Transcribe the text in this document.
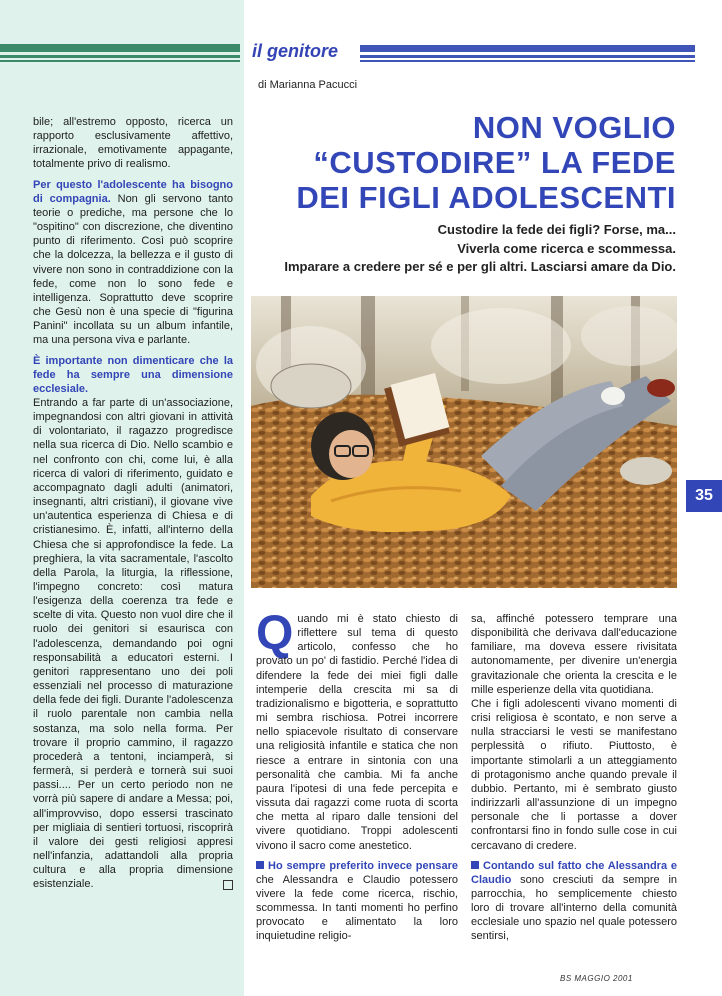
il genitore
di Marianna Pacucci
NON VOGLIO
“CUSTODIRE” LA FEDE
DEI FIGLI ADOLESCENTI
Custodire la fede dei figli? Forse, ma...
Viverla come ricerca e scommessa.
Imparare a credere per sé e per gli altri. Lasciarsi amare da Dio.
35

bile; all'estremo opposto, ricerca un rapporto esclusivamente affettivo, irrazionale, emotivamente appagante, totalmente privo di realismo.

Per questo l'adolescente ha bisogno di compagnia. Non gli servono tanto teorie o prediche, ma persone che lo "ospitino" con discrezione, che diventino punto di riferimento. Così può scoprire che la dolcezza, la bellezza e il gusto di vivere non sono in contraddizione con la fede, come non lo sono fede e intelligenza. Soprattutto deve scoprire che Gesù non è una specie di "figurina Panini" incollata su un album infantile, ma una persona viva e parlante.

È importante non dimenticare che la fede ha sempre una dimensione ecclesiale.

Entrando a far parte di un'associazione, impegnandosi con altri giovani in attività di volontariato, il ragazzo progredisce nella sua ricerca di Dio. Nello scambio e nel confronto con chi, come lui, è alla ricerca di valori di riferimento, guidato e accompagnato dagli adulti (animatori, insegnanti, altri cristiani), il giovane vive un'autentica esperienza di Chiesa e di cristianesimo. È, infatti, all'interno della Chiesa che si approfondisce la fede. La preghiera, la vita sacramentale, l'ascolto della Parola, la liturgia, la riflessione, l'impegno concreto: così matura l'esigenza della coerenza tra fede e scelte di vita. Questo non vuol dire che il ruolo dei genitori si esaurisca con l'adolescenza, demandando poi ogni responsabilità a educatori esterni. I genitori rappresentano uno dei poli essenziali nel processo di maturazione della fede dei figli. Durante l'adolescenza il ruolo parentale non cambia nella sostanza, ma solo nella forma. Per trovare il proprio cammino, il ragazzo procederà a tentoni, inciamperà, si fermerà, si perderà e tornerà sui suoi passi.... Per un certo periodo non ne vorrà più sapere di andare a Messa; poi, all'improvviso, dopo essersi trascinato per migliaia di sentieri tortuosi, riscoprirà il valore dei gesti religiosi appresi nell'infanzia, adattandoli alla propria cultura e alla propria dimensione esistenziale.

Quando mi è stato chiesto di riflettere sul tema di questo articolo, confesso che ho provato un po' di fastidio. Perché l'idea di difendere la fede dei miei figli dalle intemperie della crescita mi sa di tradizionalismo e bigotteria, e soprattutto mi sembra rischiosa. Potrei incorrere nello spiacevole risultato di conservare una religiosità infantile e statica che non riesce a entrare in sintonia con una personalità che cambia. Mi fa anche paura l'ipotesi di una fede percepita e vissuta dai ragazzi come ruota di scorta che metta al riparo dalle tensioni del vivere quotidiano. Troppi adolescenti vivono il sacro come anestetico.

Ho sempre preferito invece pensare che Alessandra e Claudio potessero vivere la fede come ricerca, rischio, scommessa. In tanti momenti ho perfino provocato e alimentato la loro inquietudine religio-

sa, affinché potessero temprare una disponibilità che derivava dall'educazione familiare, ma doveva essere rivisitata autonomamente, per divenire un'energia gravitazionale che orienta la crescita e le mille esperienze della vita quotidiana.

Che i figli adolescenti vivano momenti di crisi religiosa è scontato, e non serve a nulla stracciarsi le vesti se manifestano perplessità o rifiuto. Piuttosto, è importante stimolarli a un atteggiamento di protagonismo anche quando prevale il dubbio. Pertanto, mi è sembrato giusto indirizzarli all'assunzione di un impegno personale che li portasse a dover confrontarsi fino in fondo sulle cose in cui cercavano di credere.

Contando sul fatto che Alessandra e Claudio sono cresciuti da sempre in parrocchia, ho semplicemente chiesto loro di trovare all'interno della comunità ecclesiale uno spazio nel quale potessero sentirsi,

BS MAGGIO 2001
